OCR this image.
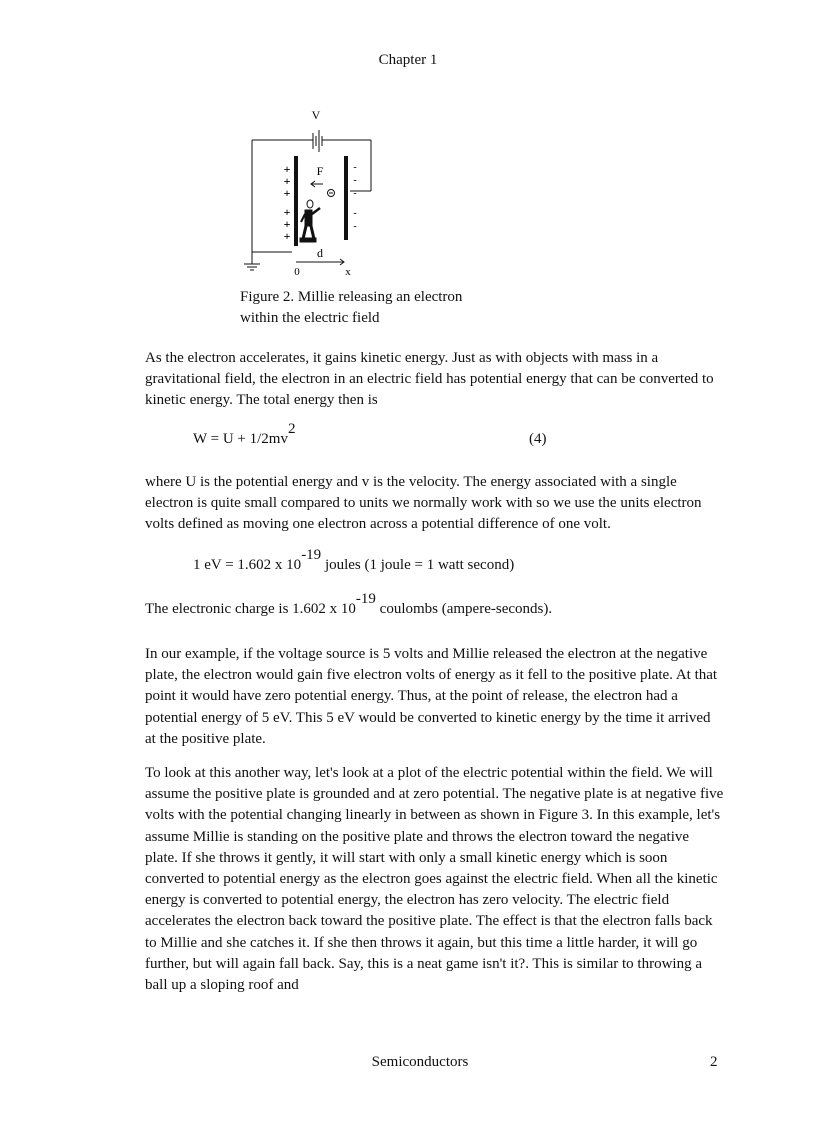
Chapter 1
V
+
+
+
+
+
+
-
-
-
-
-
F
d
0	x
Figure 2. Millie releasing an electron
within the electric field

As the electron accelerates, it gains kinetic energy. Just as with objects with mass in a gravitational field, the electron in an electric field has potential energy that can be converted to kinetic energy. The total energy then is

$W = U + 1/2mv^2$
(4)

where U is the potential energy and v is the velocity. The energy associated with a single electron is quite small compared to units we normally work with so we use the units electron volts defined as moving one electron across a potential difference of one volt.

1 eV = 1.602 x $10^{-19}$ joules (1 joule = 1 watt second)
The electronic charge is 1.602 x $10^{-19}$ coulombs (ampere-seconds).

In our example, if the voltage source is 5 volts and Millie released the electron at the negative plate, the electron would gain five electron volts of energy as it fell to the positive plate. At that point it would have zero potential energy. Thus, at the point of release, the electron had a potential energy of 5 eV. This 5 eV would be converted to kinetic energy by the time it arrived at the positive plate.

To look at this another way, let's look at a plot of the electric potential within the field. We will assume the positive plate is grounded and at zero potential. The negative plate is at negative five volts with the potential changing linearly in between as shown in Figure 3. In this example, let's assume Millie is standing on the positive plate and throws the electron toward the negative plate. If she throws it gently, it will start with only a small kinetic energy which is soon converted to potential energy as the electron goes against the electric field. When all the kinetic energy is converted to potential energy, the electron has zero velocity. The electric field accelerates the electron back toward the positive plate. The effect is that the electron falls back to Millie and she catches it. If she then throws it again, but this time a little harder, it will go further, but will again fall back. Say, this is a neat game isn't it?. This is similar to throwing a ball up a sloping roof and

Semiconductors	2
